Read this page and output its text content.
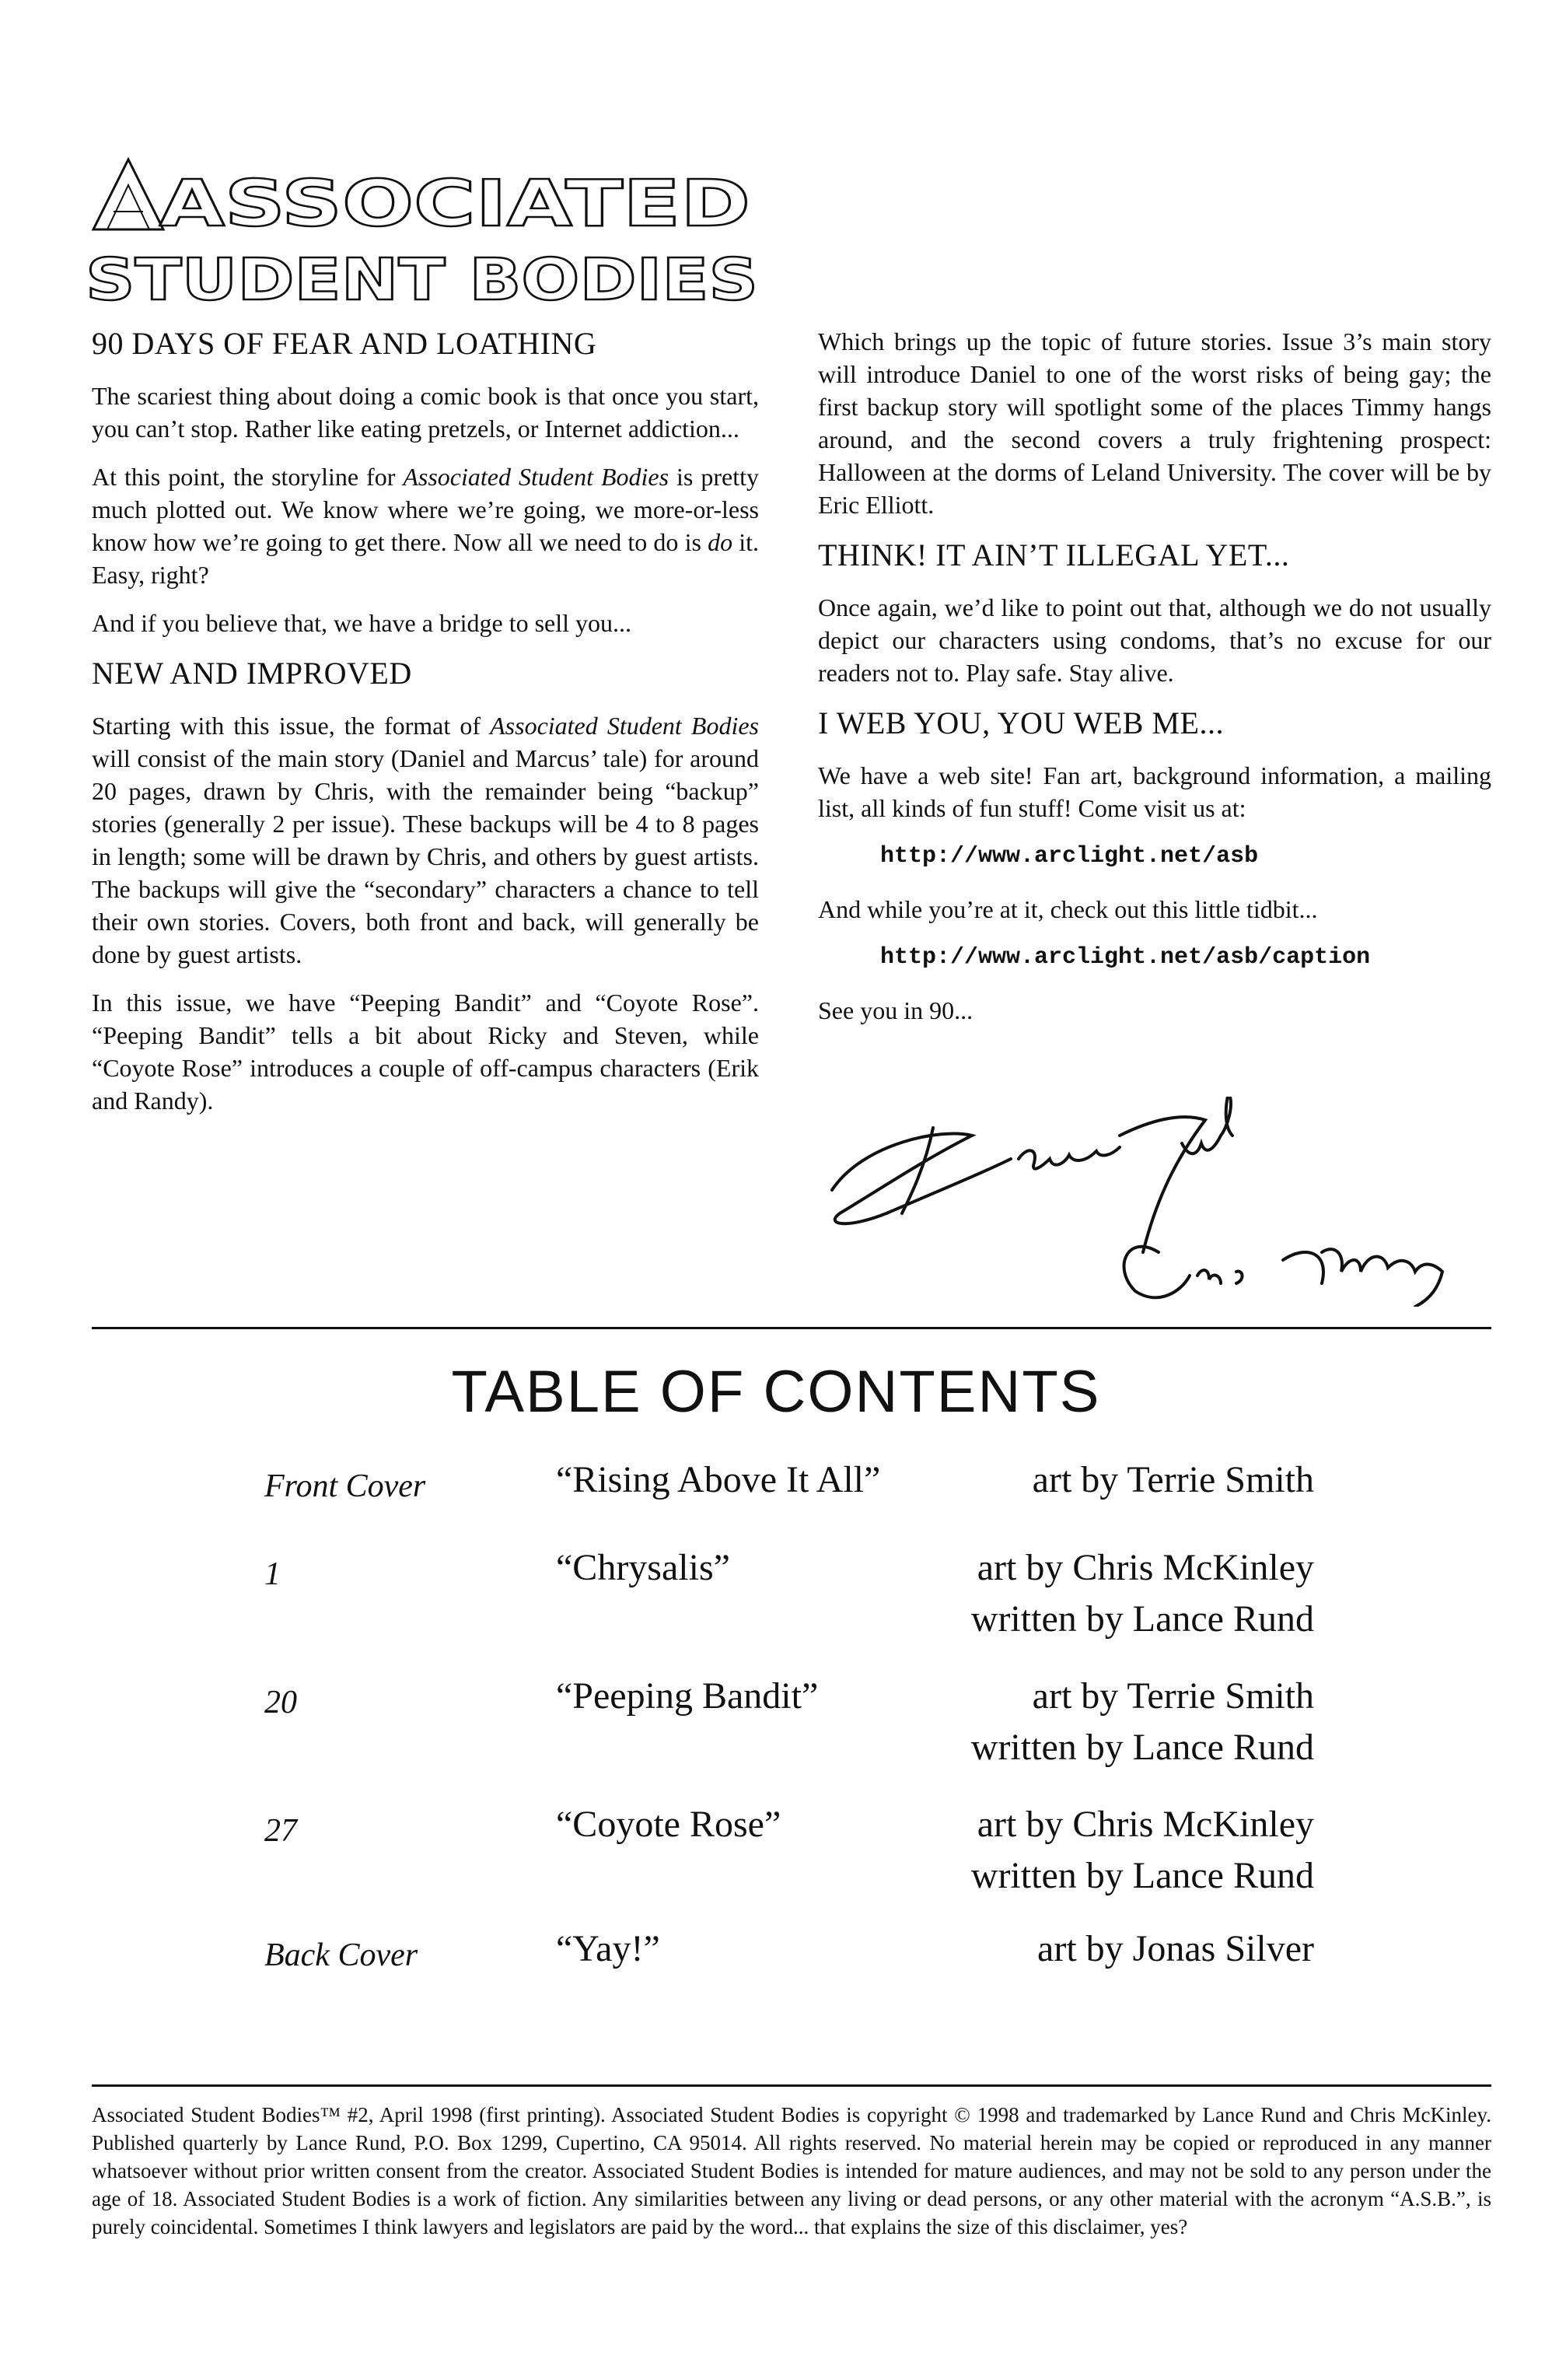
ASSOCIATED
STUDENT BODIES
90 DAYS OF FEAR AND LOATHING

The scariest thing about doing a comic book is that once you start, you can’t stop. Rather like eating pretzels, or Internet addiction...

At this point, the storyline for Associated Student Bodies is pretty much plotted out. We know where we’re going, we more-or-less know how we’re going to get there. Now all we need to do is do it. Easy, right?

And if you believe that, we have a bridge to sell you...

NEW AND IMPROVED

Starting with this issue, the format of Associated Student Bodies will consist of the main story (Daniel and Marcus’ tale) for around 20 pages, drawn by Chris, with the remainder being “backup” stories (generally 2 per issue). These backups will be 4 to 8 pages in length; some will be drawn by Chris, and others by guest artists. The backups will give the “secondary” characters a chance to tell their own stories. Covers, both front and back, will generally be done by guest artists.

In this issue, we have “Peeping Bandit” and “Coyote Rose”. “Peeping Bandit” tells a bit about Ricky and Steven, while “Coyote Rose” introduces a couple of off-campus characters (Erik and Randy).

Which brings up the topic of future stories. Issue 3’s main story will introduce Daniel to one of the worst risks of being gay; the first backup story will spotlight some of the places Timmy hangs around, and the second covers a truly frightening prospect: Halloween at the dorms of Leland University. The cover will be by Eric Elliott.

THINK! IT AIN’T ILLEGAL YET...

Once again, we’d like to point out that, although we do not usually depict our characters using condoms, that’s no excuse for our readers not to. Play safe. Stay alive.

I WEB YOU, YOU WEB ME...

We have a web site! Fan art, background information, a mailing list, all kinds of fun stuff! Come visit us at:

http://www.arclight.net/asb

And while you’re at it, check out this little tidbit...

http://www.arclight.net/asb/caption

See you in 90...

TABLE OF CONTENTS
Front Cover	“Rising Above It All”	art by Terrie Smith
1	“Chrysalis”	art by Chris McKinley
written by Lance Rund
20	“Peeping Bandit”	art by Terrie Smith
written by Lance Rund
27	“Coyote Rose”	art by Chris McKinley
written by Lance Rund
Back Cover	“Yay!”	art by Jonas Silver
Associated Student Bodies™ #2, April 1998 (first printing). Associated Student Bodies is copyright © 1998 and trademarked by Lance Rund and Chris McKinley. Published quarterly by Lance Rund, P.O. Box 1299, Cupertino, CA 95014. All rights reserved. No material herein may be copied or reproduced in any manner whatsoever without prior written consent from the creator. Associated Student Bodies is intended for mature audiences, and may not be sold to any person under the age of 18. Associated Student Bodies is a work of fiction. Any similarities between any living or dead persons, or any other material with the acronym “A.S.B.”, is purely coincidental. Sometimes I think lawyers and legislators are paid by the word... that explains the size of this disclaimer, yes?
